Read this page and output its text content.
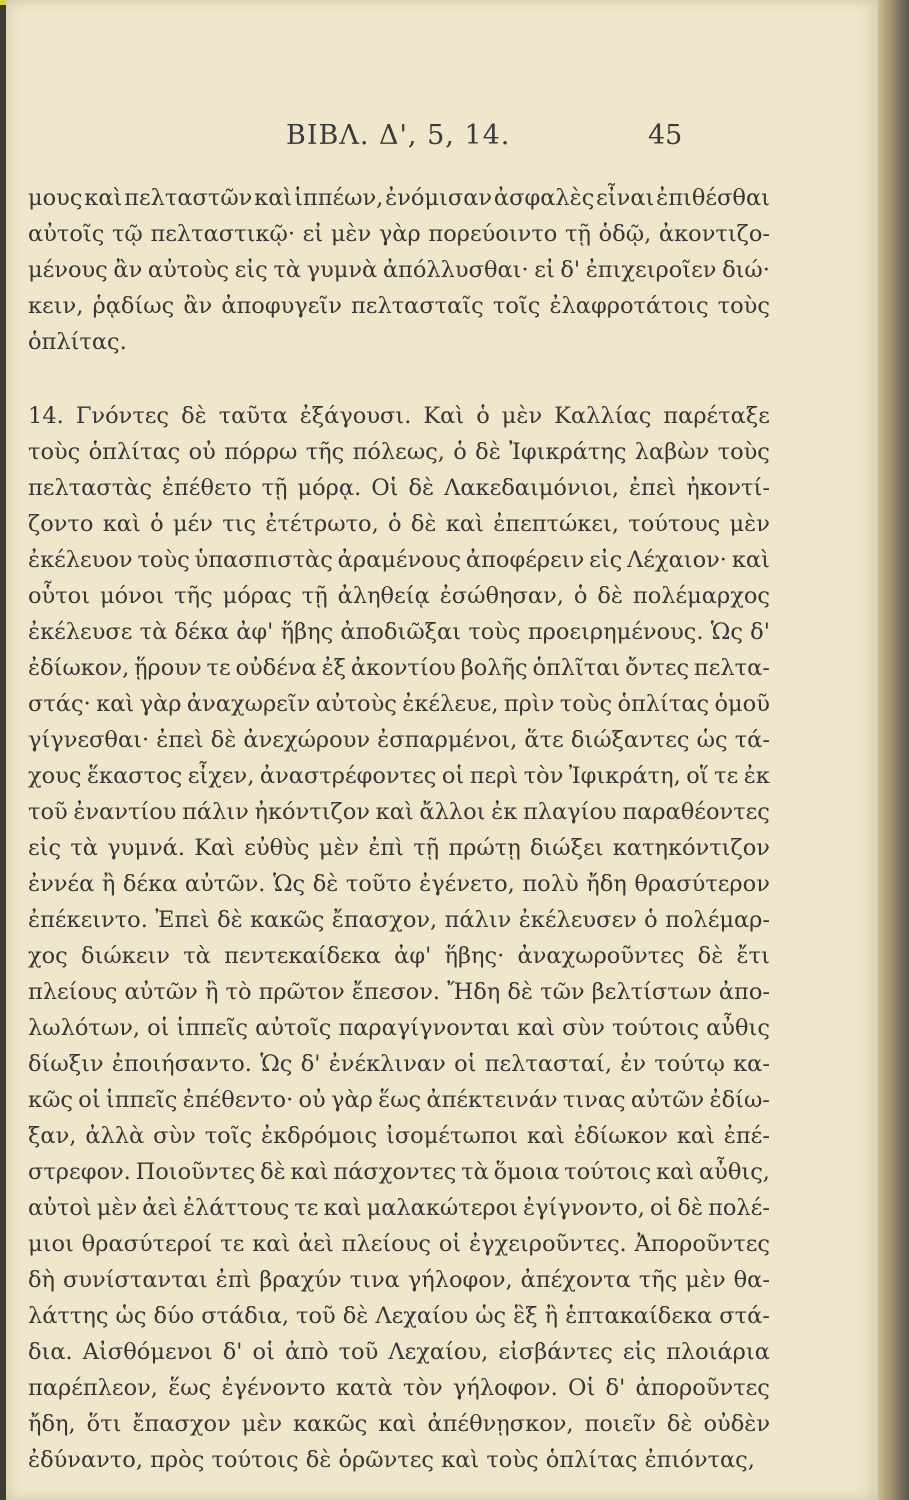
ΒΙΒΛ. Δ', 5, 14.	45
μους καὶ πελταστῶν καὶ ἱππέων, ἐνόμισαν ἀσφαλὲς εἶναι ἐπιθέσθαι
αὐτοῖς τῷ πελταστικῷ· εἰ μὲν γὰρ πορεύοιντο τῇ ὁδῷ, ἀκοντιζο-
μένους ἂν αὐτοὺς εἰς τὰ γυμνὰ ἀπόλλυσθαι· εἰ δ' ἐπιχειροῖεν διώ·
κειν, ῥᾳδίως ἂν ἀποφυγεῖν πελτασταῖς τοῖς ἐλαφροτάτοις τοὺς
ὁπλίτας.
14. Γνόντες δὲ ταῦτα ἐξάγουσι. Καὶ ὁ μὲν Καλλίας παρέταξε
τοὺς ὁπλίτας οὐ πόρρω τῆς πόλεως, ὁ δὲ Ἰφικράτης λαβὼν τοὺς
πελταστὰς ἐπέθετο τῇ μόρᾳ. Οἱ δὲ Λακεδαιμόνιοι, ἐπεὶ ἠκοντί-
ζοντο καὶ ὁ μέν τις ἐτέτρωτο, ὁ δὲ καὶ ἐπεπτώκει, τούτους μὲν
ἐκέλευον τοὺς ὑπασπιστὰς ἀραμένους ἀποφέρειν εἰς Λέχαιον· καὶ
οὗτοι μόνοι τῆς μόρας τῇ ἀληθείᾳ ἐσώθησαν, ὁ δὲ πολέμαρχος
ἐκέλευσε τὰ δέκα ἀφ' ἥβης ἀποδιῶξαι τοὺς προειρημένους. Ὡς δ'
ἐδίωκον, ᾕρουν τε οὐδένα ἐξ ἀκοντίου βολῆς ὁπλῖται ὄντες πελτα-
στάς· καὶ γὰρ ἀναχωρεῖν αὐτοὺς ἐκέλευε, πρὶν τοὺς ὁπλίτας ὁμοῦ
γίγνεσθαι· ἐπεὶ δὲ ἀνεχώρουν ἐσπαρμένοι, ἅτε διώξαντες ὡς τά-
χους ἕκαστος εἶχεν, ἀναστρέφοντες οἱ περὶ τὸν Ἰφικράτη, οἵ τε ἐκ
τοῦ ἐναντίου πάλιν ἠκόντιζον καὶ ἄλλοι ἐκ πλαγίου παραθέοντες
εἰς τὰ γυμνά. Καὶ εὐθὺς μὲν ἐπὶ τῇ πρώτῃ διώξει κατηκόντιζον
ἐννέα ἢ δέκα αὐτῶν. Ὡς δὲ τοῦτο ἐγένετο, πολὺ ἤδη θρασύτερον
ἐπέκειντο. Ἐπεὶ δὲ κακῶς ἔπασχον, πάλιν ἐκέλευσεν ὁ πολέμαρ-
χος διώκειν τὰ πεντεκαίδεκα ἀφ' ἥβης· ἀναχωροῦντες δὲ ἔτι
πλείους αὐτῶν ἢ τὸ πρῶτον ἔπεσον. Ἤδη δὲ τῶν βελτίστων ἀπο-
λωλότων, οἱ ἱππεῖς αὐτοῖς παραγίγνονται καὶ σὺν τούτοις αὖθις
δίωξιν ἐποιήσαντο. Ὡς δ' ἐνέκλιναν οἱ πελτασταί, ἐν τούτῳ κα-
κῶς οἱ ἱππεῖς ἐπέθεντο· οὐ γὰρ ἕως ἀπέκτεινάν τινας αὐτῶν ἐδίω-
ξαν, ἀλλὰ σὺν τοῖς ἐκδρόμοις ἰσομέτωποι καὶ ἐδίωκον καὶ ἐπέ-
στρεφον. Ποιοῦντες δὲ καὶ πάσχοντες τὰ ὅμοια τούτοις καὶ αὖθις,
αὐτοὶ μὲν ἀεὶ ἐλάττους τε καὶ μαλακώτεροι ἐγίγνοντο, οἱ δὲ πολέ-
μιοι θρασύτεροί τε καὶ ἀεὶ πλείους οἱ ἐγχειροῦντες. Ἀποροῦντες
δὴ συνίστανται ἐπὶ βραχύν τινα γήλοφον, ἀπέχοντα τῆς μὲν θα-
λάττης ὡς δύο στάδια, τοῦ δὲ Λεχαίου ὡς ἓξ ἢ ἑπτακαίδεκα στά-
δια. Αἰσθόμενοι δ' οἱ ἀπὸ τοῦ Λεχαίου, εἰσβάντες εἰς πλοιάρια
παρέπλεον, ἕως ἐγένοντο κατὰ τὸν γήλοφον. Οἱ δ' ἀποροῦντες
ἤδη, ὅτι ἔπασχον μὲν κακῶς καὶ ἀπέθνῃσκον, ποιεῖν δὲ οὐδὲν
ἐδύναντο, πρὸς τούτοις δὲ ὁρῶντες καὶ τοὺς ὁπλίτας ἐπιόντας,
